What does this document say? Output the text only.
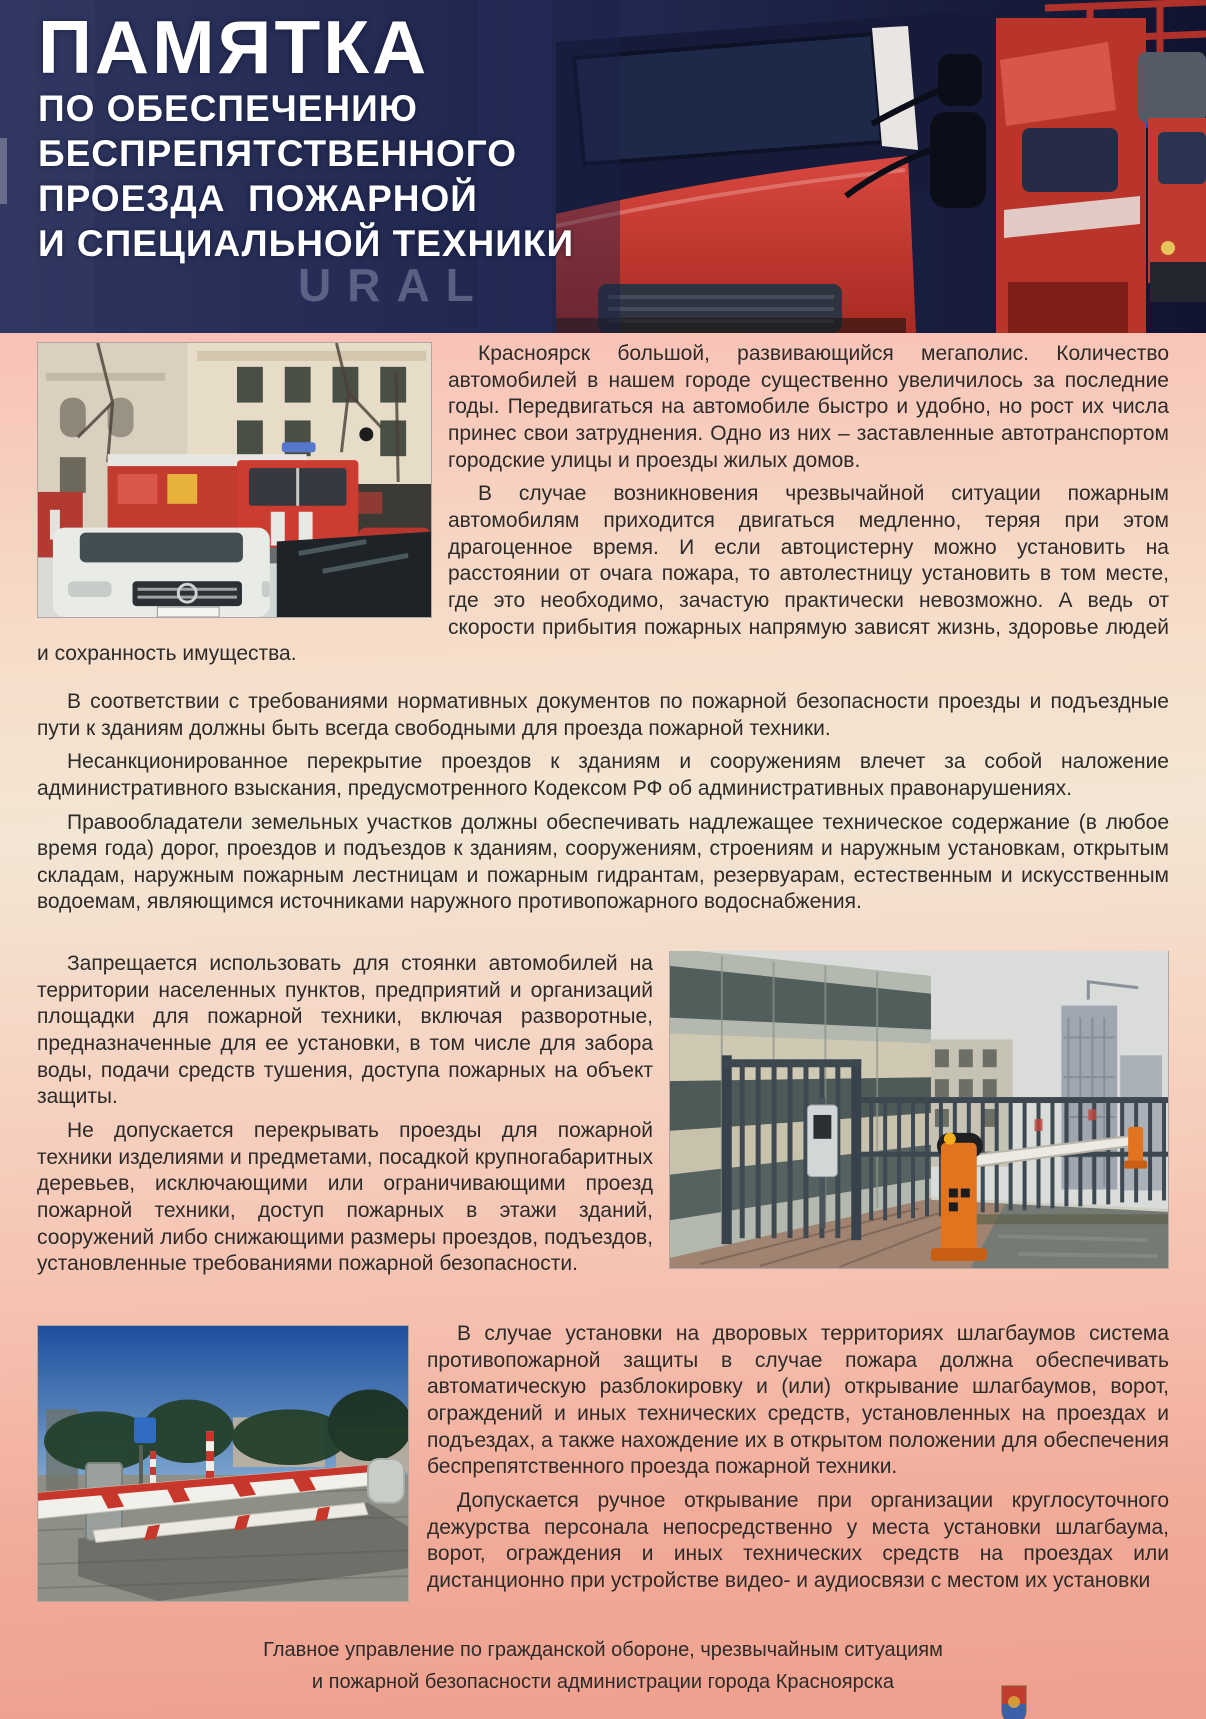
ПАМЯТКА
ПО ОБЕСПЕЧЕНИЮ
БЕСПРЕПЯТСТВЕННОГО
ПРОЕЗДА  ПОЖАРНОЙ
И СПЕЦИАЛЬНОЙ ТЕХНИКИ
URAL

Красноярск большой, развивающийся мегаполис. Количество автомобилей в нашем городе существенно увеличилось за последние годы. Передвигаться на автомобиле быстро и удобно, но рост их числа принес свои затруднения. Одно из них – заставленные автотранспортом городские улицы и проезды жилых домов.

В случае возникновения чрезвычайной ситуации пожарным автомобилям приходится двигаться медленно, теряя при этом драгоценное время. И если автоцистерну можно установить на расстоянии от очага пожара, то автолестницу установить в том месте, где это необходимо, зачастую практически невозможно. А ведь от скорости прибытия пожарных напрямую зависят жизнь, здоровье людей и сохранность имущества.

В соответствии с требованиями нормативных документов по пожарной безопасности проезды и подъездные пути к зданиям должны быть всегда свободными для проезда пожарной техники.

Несанкционированное перекрытие проездов к зданиям и сооружениям влечет за собой наложение административного взыскания, предусмотренного Кодексом РФ об административных правонарушениях.

Правообладатели земельных участков должны обеспечивать надлежащее техническое содержание (в любое время года) дорог, проездов и подъездов к зданиям, сооружениям, строениям и наружным установкам, открытым складам, наружным пожарным лестницам и пожарным гидрантам, резервуарам, естественным и искусственным водоемам, являющимся источниками наружного противопожарного водоснабжения.

Запрещается использовать для стоянки автомобилей на территории населенных пунктов, предприятий и организаций площадки для пожарной техники, включая разворотные, предназначенные для ее установки, в том числе для забора воды, подачи средств тушения, доступа пожарных на объект защиты.

Не допускается перекрывать проезды для пожарной техники изделиями и предметами, посадкой крупногабаритных деревьев, исключающими или ограничивающими проезд пожарной техники, доступ пожарных в этажи зданий, сооружений либо снижающими размеры проездов, подъездов, установленные требованиями пожарной безопасности.

В случае установки на дворовых территориях шлагбаумов система противопожарной защиты в случае пожара должна обеспечивать автоматическую разблокировку и (или) открывание шлагбаумов, ворот, ограждений и иных технических средств, установленных на проездах и подъездах, а также нахождение их в открытом положении для обеспечения беспрепятственного проезда пожарной техники.

Допускается ручное открывание при организации круглосуточного дежурства персонала непосредственно у места установки шлагбаума, ворот, ограждения и иных технических средств на проездах или дистанционно при устройстве видео- и аудиосвязи с местом их установки

Главное управление по гражданской обороне, чрезвычайным ситуациям
и пожарной безопасности администрации города Красноярска
